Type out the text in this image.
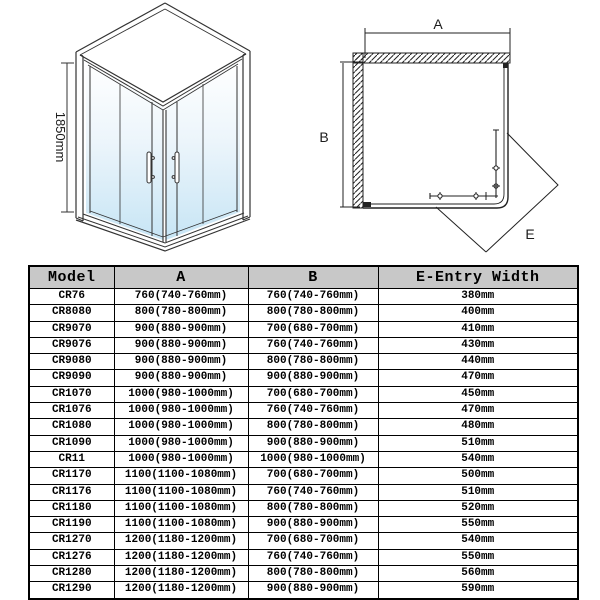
1850mm
A
B
E
Model	A	B	E-Entry Width
CR76	760(740-760mm)	760(740-760mm)	380mm
CR8080	800(780-800mm)	800(780-800mm)	400mm
CR9070	900(880-900mm)	700(680-700mm)	410mm
CR9076	900(880-900mm)	760(740-760mm)	430mm
CR9080	900(880-900mm)	800(780-800mm)	440mm
CR9090	900(880-900mm)	900(880-900mm)	470mm
CR1070	1000(980-1000mm)	700(680-700mm)	450mm
CR1076	1000(980-1000mm)	760(740-760mm)	470mm
CR1080	1000(980-1000mm)	800(780-800mm)	480mm
CR1090	1000(980-1000mm)	900(880-900mm)	510mm
CR11	1000(980-1000mm)	1000(980-1000mm)	540mm
CR1170	1100(1100-1080mm)	700(680-700mm)	500mm
CR1176	1100(1100-1080mm)	760(740-760mm)	510mm
CR1180	1100(1100-1080mm)	800(780-800mm)	520mm
CR1190	1100(1100-1080mm)	900(880-900mm)	550mm
CR1270	1200(1180-1200mm)	700(680-700mm)	540mm
CR1276	1200(1180-1200mm)	760(740-760mm)	550mm
CR1280	1200(1180-1200mm)	800(780-800mm)	560mm
CR1290	1200(1180-1200mm)	900(880-900mm)	590mm
